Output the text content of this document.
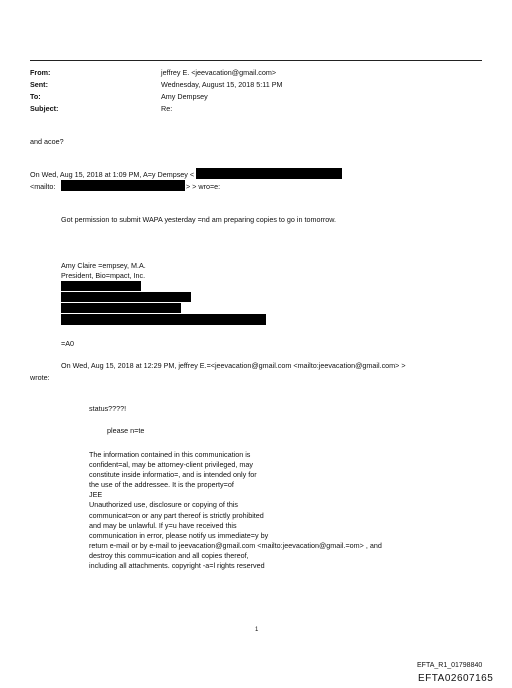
From:	jeffrey E. <jeevacation@gmail.com>
Sent:	Wednesday, August 15, 2018 5:11 PM
To:	Amy Dempsey
Subject:	Re:
and acoe?
On Wed, Aug 15, 2018 at 1:09 PM, A=y Dempsey <
<mailto:	> > wro=e:
Got permission to submit WAPA yesterday =nd am preparing copies to go in tomorrow.
Amy Claire =empsey, M.A.
President, Bio=mpact, Inc.
=A0
On Wed, Aug 15, 2018 at 12:29 PM, jeffrey E.=<jeevacation@gmail.com <mailto:jeevacation@gmail.com> >
wrote:
status????!
please n=te
The information contained in this communication is
confident=al, may be attorney-client privileged, may
constitute inside informatio=, and is intended only for
the use of the addressee. It is the property=of
JEE
Unauthorized use, disclosure or copying of this
communicat=on or any part thereof is strictly prohibited
and may be unlawful. If y=u have received this
communication in error, please notify us immediate=y by
return e-mail or by e-mail to jeevacation@gmail.com <mailto:jeevacation@gmail.=om> , and
destroy this commu=ication and all copies thereof,
including all attachments. copyright -a=l rights reserved
1
EFTA_R1_01798840
EFTA02607165
